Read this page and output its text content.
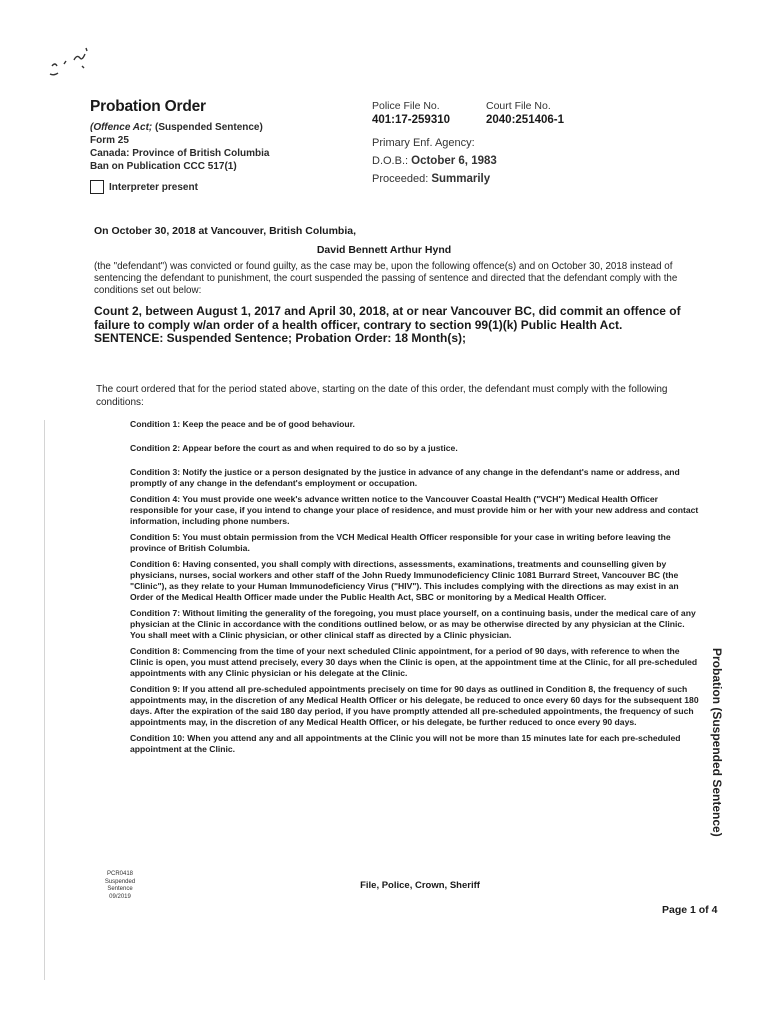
Probation Order
(Offence Act; (Suspended Sentence)
Form 25
Canada: Province of British Columbia
Ban on Publication CCC 517(1)
Interpreter present
Police File No.
401:17-259310
Court File No.
2040:251406-1
Primary Enf. Agency:
D.O.B.: October 6, 1983
Proceeded: Summarily
On October 30, 2018 at Vancouver, British Columbia,
David Bennett Arthur Hynd
(the "defendant") was convicted or found guilty, as the case may be, upon the following offence(s) and on October 30, 2018 instead of sentencing the defendant to punishment, the court suspended the passing of sentence and directed that the defendant comply with the conditions set out below:
Count 2, between August 1, 2017 and April 30, 2018, at or near Vancouver BC, did commit an offence of failure to comply w/an order of a health officer, contrary to section 99(1)(k) Public Health Act.
SENTENCE: Suspended Sentence; Probation Order: 18 Month(s);
The court ordered that for the period stated above, starting on the date of this order, the defendant must comply with the following conditions:
Condition 1: Keep the peace and be of good behaviour.
Condition 2: Appear before the court as and when required to do so by a justice.
Condition 3: Notify the justice or a person designated by the justice in advance of any change in the defendant's name or address, and promptly of any change in the defendant's employment or occupation.
Condition 4: You must provide one week's advance written notice to the Vancouver Coastal Health ("VCH") Medical Health Officer responsible for your case, if you intend to change your place of residence, and must provide him or her with your new address and contact information, including phone numbers.
Condition 5: You must obtain permission from the VCH Medical Health Officer responsible for your case in writing before leaving the province of British Columbia.
Condition 6: Having consented, you shall comply with directions, assessments, examinations, treatments and counselling given by physicians, nurses, social workers and other staff of the John Ruedy Immunodeficiency Clinic 1081 Burrard Street, Vancouver BC (the "Clinic"), as they relate to your Human Immunodeficiency Virus ("HIV"). This includes complying with the directions as may exist in an Order of the Medical Health Officer made under the Public Health Act, SBC or monitoring by a Medical Health Officer.
Condition 7: Without limiting the generality of the foregoing, you must place yourself, on a continuing basis, under the medical care of any physician at the Clinic in accordance with the conditions outlined below, or as may be otherwise directed by any physician at the Clinic. You shall meet with a Clinic physician, or other clinical staff as directed by a Clinic physician.
Condition 8: Commencing from the time of your next scheduled Clinic appointment, for a period of 90 days, with reference to when the Clinic is open, you must attend precisely, every 30 days when the Clinic is open, at the appointment time at the Clinic, for all pre-scheduled appointments with any Clinic physician or his delegate at the Clinic.
Condition 9: If you attend all pre-scheduled appointments precisely on time for 90 days as outlined in Condition 8, the frequency of such appointments may, in the discretion of any Medical Health Officer or his delegate, be reduced to once every 60 days for the subsequent 180 days. After the expiration of the said 180 day period, if you have promptly attended all pre-scheduled appointments, the frequency of such appointments may, in the discretion of any Medical Health Officer, or his delegate, be further reduced to once every 90 days.
Condition 10: When you attend any and all appointments at the Clinic you will not be more than 15 minutes late for each pre-scheduled appointment at the Clinic.	Probation (Suspended Sentence)
PCR0418
Suspended
Sentence
09/2019
File, Police, Crown, Sheriff
Page 1 of 4
